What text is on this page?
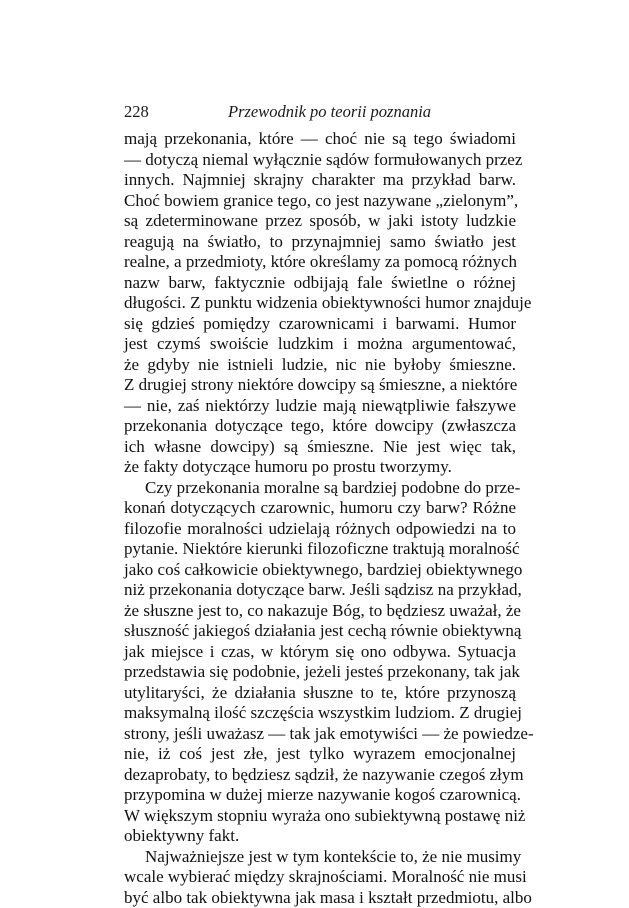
228	Przewodnik po teorii poznania
mają przekonania, które — choć nie są tego świadomi
— dotyczą niemal wyłącznie sądów formułowanych przez
innych. Najmniej skrajny charakter ma przykład barw.
Choć bowiem granice tego, co jest nazywane „zielonym”,
są zdeterminowane przez sposób, w jaki istoty ludzkie
reagują na światło, to przynajmniej samo światło jest
realne, a przedmioty, które określamy za pomocą różnych
nazw barw, faktycznie odbijają fale świetlne o różnej
długości. Z punktu widzenia obiektywności humor znajduje
się gdzieś pomiędzy czarownicami i barwami. Humor
jest czymś swoiście ludzkim i można argumentować,
że gdyby nie istnieli ludzie, nic nie byłoby śmieszne.
Z drugiej strony niektóre dowcipy są śmieszne, a niektóre
— nie, zaś niektórzy ludzie mają niewątpliwie fałszywe
przekonania dotyczące tego, które dowcipy (zwłaszcza
ich własne dowcipy) są śmieszne. Nie jest więc tak,
że fakty dotyczące humoru po prostu tworzymy.
Czy przekonania moralne są bardziej podobne do prze-
konań dotyczących czarownic, humoru czy barw? Różne
filozofie moralności udzielają różnych odpowiedzi na to
pytanie. Niektóre kierunki filozoficzne traktują moralność
jako coś całkowicie obiektywnego, bardziej obiektywnego
niż przekonania dotyczące barw. Jeśli sądzisz na przykład,
że słuszne jest to, co nakazuje Bóg, to będziesz uważał, że
słuszność jakiegoś działania jest cechą równie obiektywną
jak miejsce i czas, w którym się ono odbywa. Sytuacja
przedstawia się podobnie, jeżeli jesteś przekonany, tak jak
utylitaryści, że działania słuszne to te, które przynoszą
maksymalną ilość szczęścia wszystkim ludziom. Z drugiej
strony, jeśli uważasz — tak jak emotywiści — że powiedze-
nie, iż coś jest złe, jest tylko wyrazem emocjonalnej
dezaprobaty, to będziesz sądził, że nazywanie czegoś złym
przypomina w dużej mierze nazywanie kogoś czarownicą.
W większym stopniu wyraża ono subiektywną postawę niż
obiektywny fakt.
Najważniejsze jest w tym kontekście to, że nie musimy
wcale wybierać między skrajnościami. Moralność nie musi
być albo tak obiektywna jak masa i kształt przedmiotu, albo
